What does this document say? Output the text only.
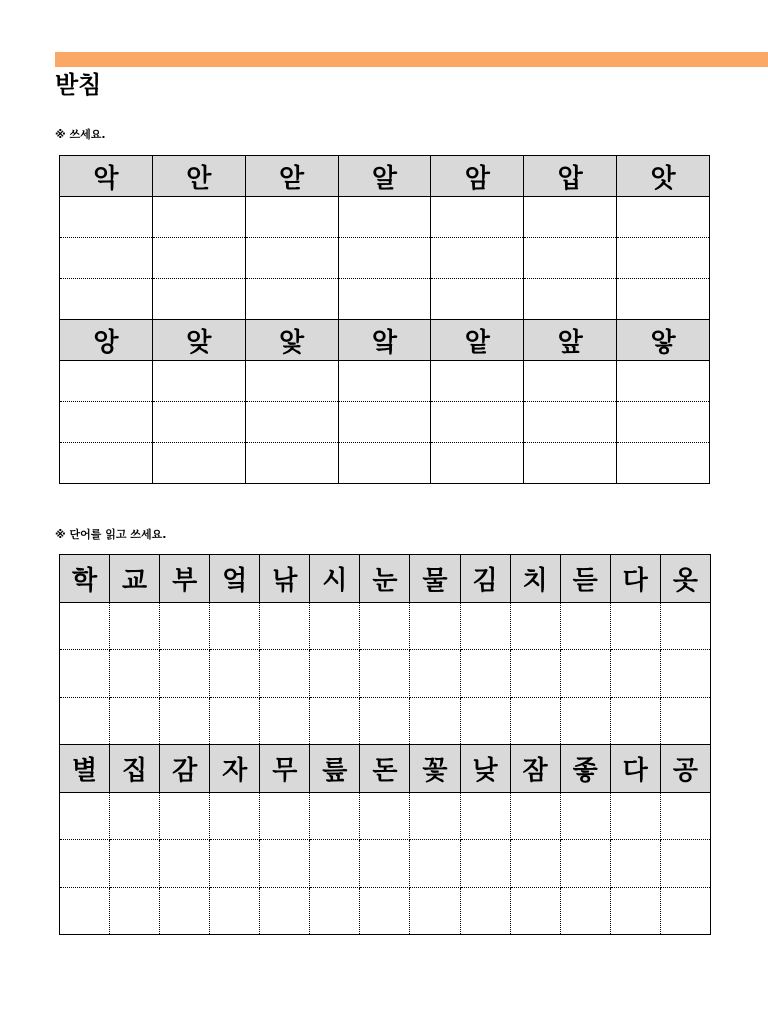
받침
※ 쓰세요.
악	안	앋	알	암	압	앗

앙	앚	앛	앜	앝	앞	앟

※ 단어를 읽고 쓰세요.
학	교	부	엌	낚	시	눈	물	김	치	듣	다	옷

별	집	감	자	무	릎	돈	꽃	낮	잠	좋	다	공
